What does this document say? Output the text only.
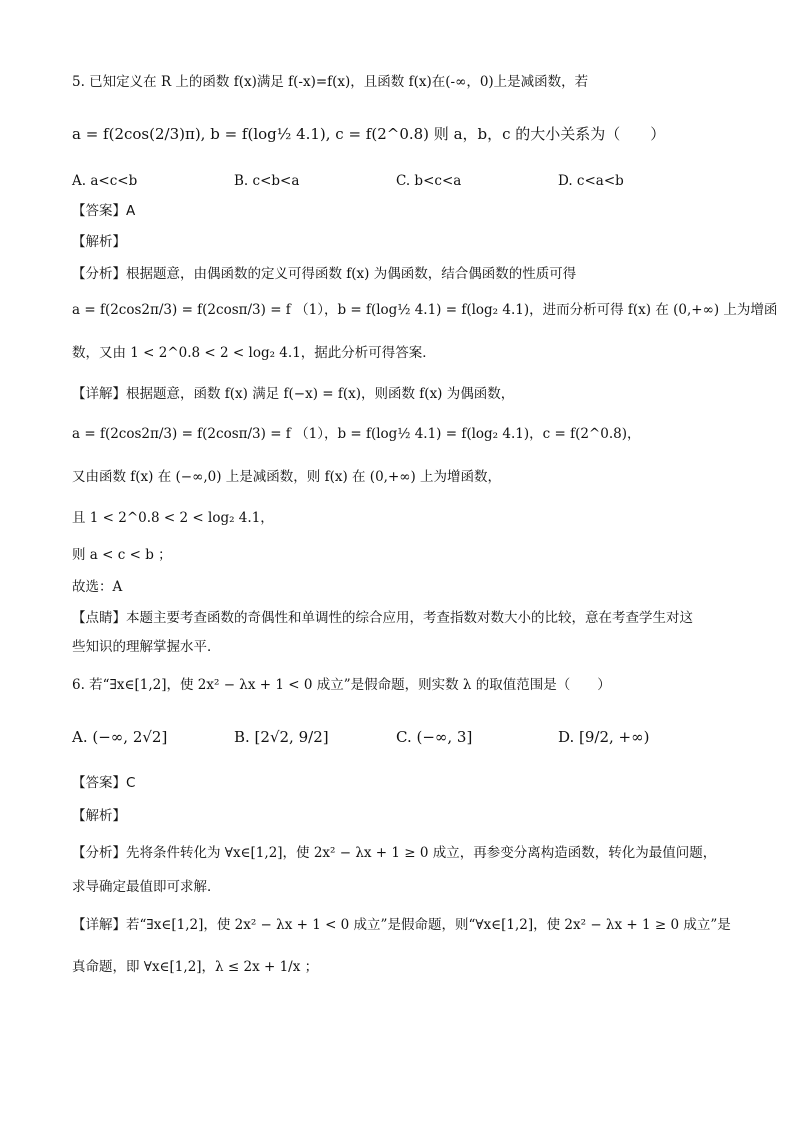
5. 已知定义在 R 上的函数 f(x)满足 f(-x)=f(x)，且函数 f(x)在(-∞，0)上是减函数，若
a = f(2cos(2/3)π), b = f(log½ 4.1), c = f(2^0.8) 则 a，b，c 的大小关系为（　　）
A. a<c<b	B. c<b<a	C. b<c<a	D. c<a<b
【答案】A
【解析】
【分析】根据题意，由偶函数的定义可得函数 f(x) 为偶函数，结合偶函数的性质可得
a = f(2cos2π/3) = f(2cosπ/3) = f （1），b = f(log½ 4.1) = f(log₂ 4.1)，进而分析可得 f(x) 在 (0,+∞) 上为增函
数，又由 1 < 2^0.8 < 2 < log₂ 4.1，据此分析可得答案．
【详解】根据题意，函数 f(x) 满足 f(−x) = f(x)，则函数 f(x) 为偶函数，
a = f(2cos2π/3) = f(2cosπ/3) = f （1），b = f(log½ 4.1) = f(log₂ 4.1)，c = f(2^0.8)，
又由函数 f(x) 在 (−∞,0) 上是减函数，则 f(x) 在 (0,+∞) 上为增函数，
且 1 < 2^0.8 < 2 < log₂ 4.1，
则 a < c < b ；
故选：A
【点睛】本题主要考查函数的奇偶性和单调性的综合应用，考查指数对数大小的比较，意在考查学生对这
些知识的理解掌握水平．
6. 若“∃x∈[1,2]，使 2x² − λx + 1 < 0 成立”是假命题，则实数 λ 的取值范围是（　　）
A. (−∞, 2√2]	B. [2√2, 9/2]	C. (−∞, 3]	D. [9/2, +∞)
【答案】C
【解析】
【分析】先将条件转化为 ∀x∈[1,2]，使 2x² − λx + 1 ≥ 0 成立，再参变分离构造函数，转化为最值问题，
求导确定最值即可求解．
【详解】若“∃x∈[1,2]，使 2x² − λx + 1 < 0 成立”是假命题，则“∀x∈[1,2]，使 2x² − λx + 1 ≥ 0 成立”是
真命题，即 ∀x∈[1,2]，λ ≤ 2x + 1/x ；
